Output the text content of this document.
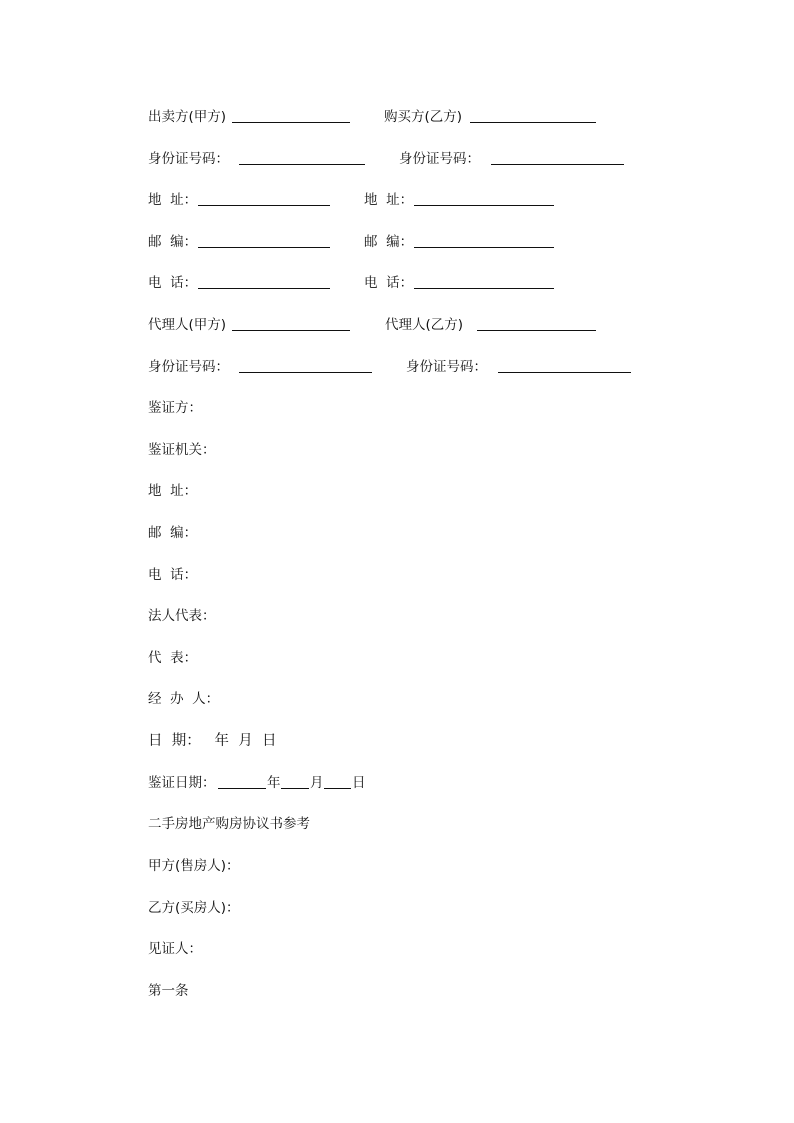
出卖方(甲方)	购买方(乙方)
身份证号码：	身份证号码：
地  址：	地  址：
邮  编：	邮  编：
电  话：	电  话：
代理人(甲方)	代理人(乙方)
身份证号码：	身份证号码：
鉴证方：
鉴证机关：
地  址：
邮  编：
电  话：
法人代表：
代  表：
经  办  人：
日  期：   年  月  日
鉴证日期：	年 月 日
二手房地产购房协议书参考
甲方(售房人)：
乙方(买房人)：
见证人：
第一条
